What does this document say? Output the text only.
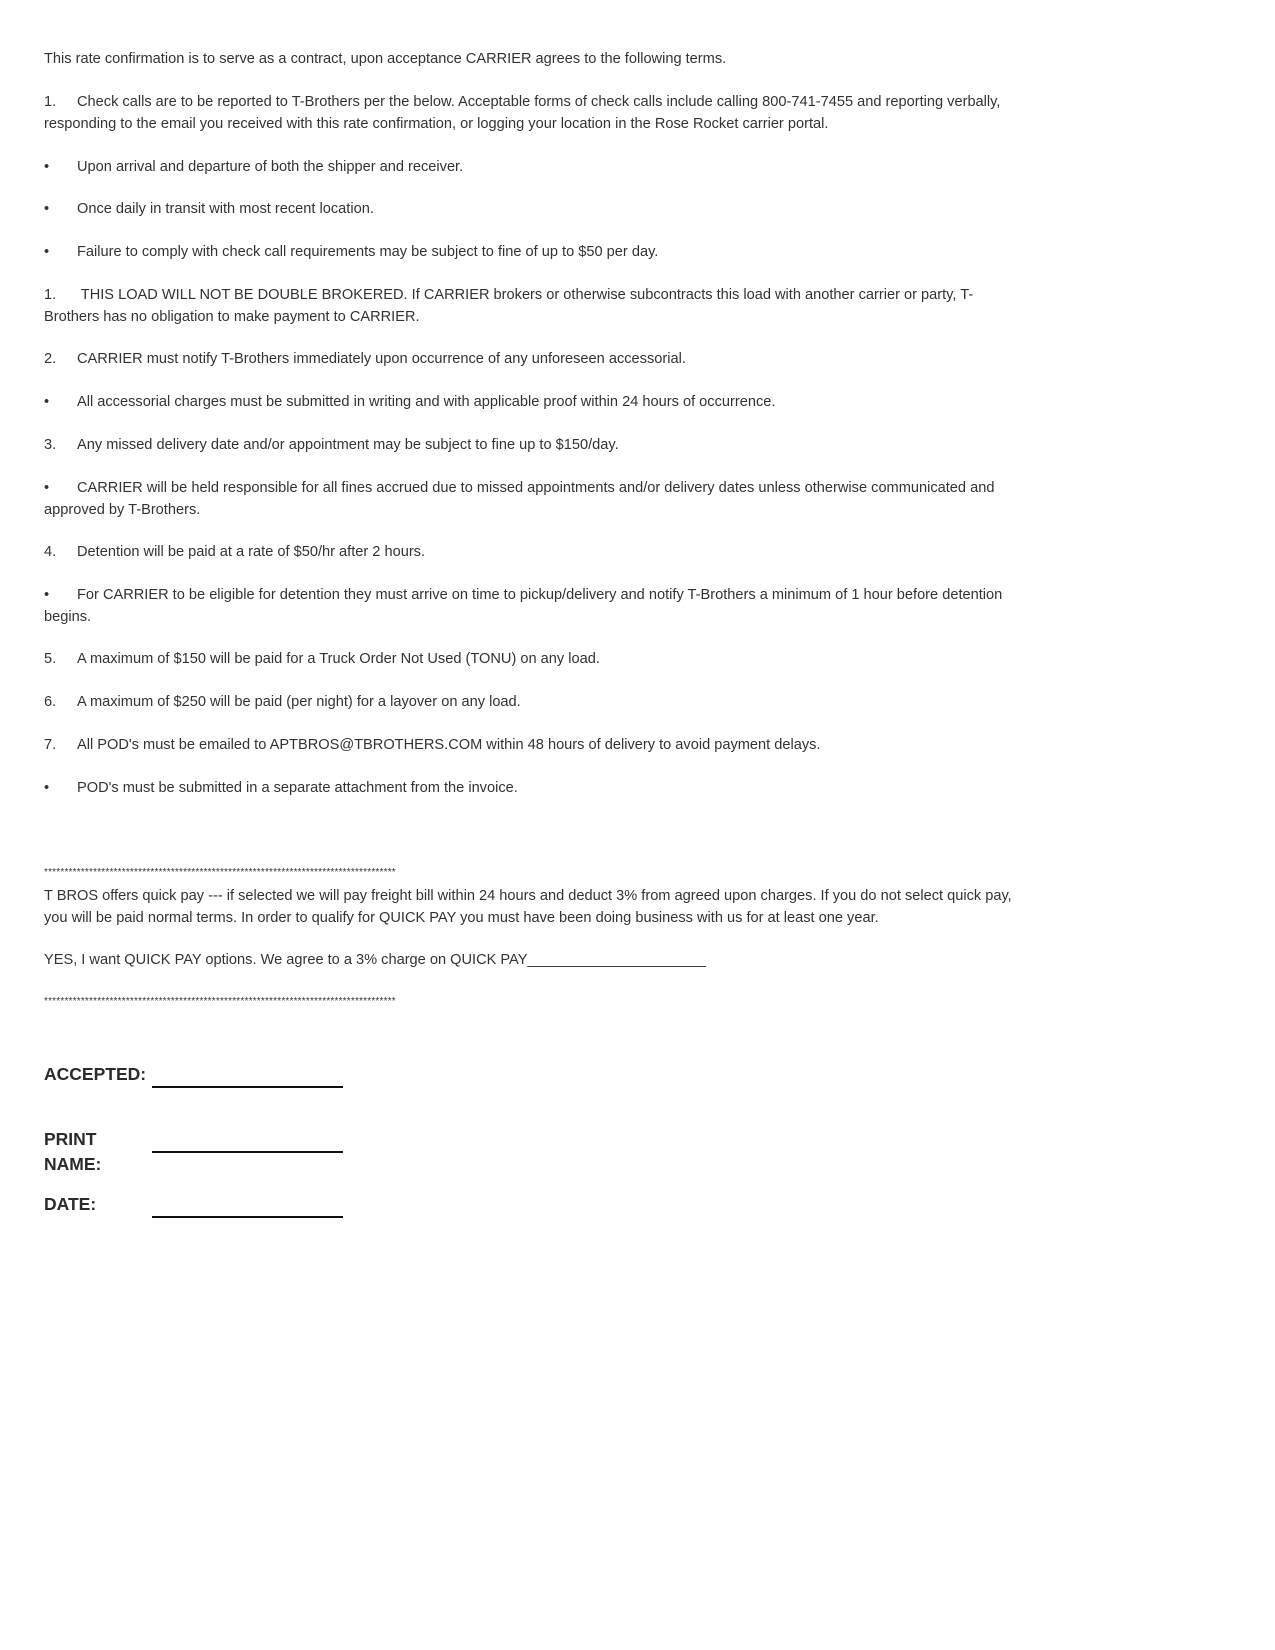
This rate confirmation is to serve as a contract, upon acceptance CARRIER agrees to the following terms.

1. Check calls are to be reported to T-Brothers per the below. Acceptable forms of check calls include calling 800-741-7455 and reporting verbally, responding to the email you received with this rate confirmation, or logging your location in the Rose Rocket carrier portal.

• Upon arrival and departure of both the shipper and receiver.

• Once daily in transit with most recent location.

• Failure to comply with check call requirements may be subject to fine of up to $50 per day.

1. THIS LOAD WILL NOT BE DOUBLE BROKERED. If CARRIER brokers or otherwise subcontracts this load with another carrier or party, T-Brothers has no obligation to make payment to CARRIER.

2. CARRIER must notify T-Brothers immediately upon occurrence of any unforeseen accessorial.

• All accessorial charges must be submitted in writing and with applicable proof within 24 hours of occurrence.

3. Any missed delivery date and/or appointment may be subject to fine up to $150/day.

• CARRIER will be held responsible for all fines accrued due to missed appointments and/or delivery dates unless otherwise communicated and approved by T-Brothers.

4. Detention will be paid at a rate of $50/hr after 2 hours.

• For CARRIER to be eligible for detention they must arrive on time to pickup/delivery and notify T-Brothers a minimum of 1 hour before detention begins.

5. A maximum of $150 will be paid for a Truck Order Not Used (TONU) on any load.

6. A maximum of $250 will be paid (per night) for a layover on any load.

7. All POD's must be emailed to APTBROS@TBROTHERS.COM within 48 hours of delivery to avoid payment delays.

• POD's must be submitted in a separate attachment from the invoice.

**************************************************************************************

T BROS offers quick pay --- if selected we will pay freight bill within 24 hours and deduct 3% from agreed upon charges. If you do not select quick pay, you will be paid normal terms. In order to qualify for QUICK PAY you must have been doing business with us for at least one year.

YES, I want QUICK PAY options. We agree to a 3% charge on QUICK PAY______________________

**************************************************************************************

ACCEPTED:

PRINT
NAME:

DATE:
